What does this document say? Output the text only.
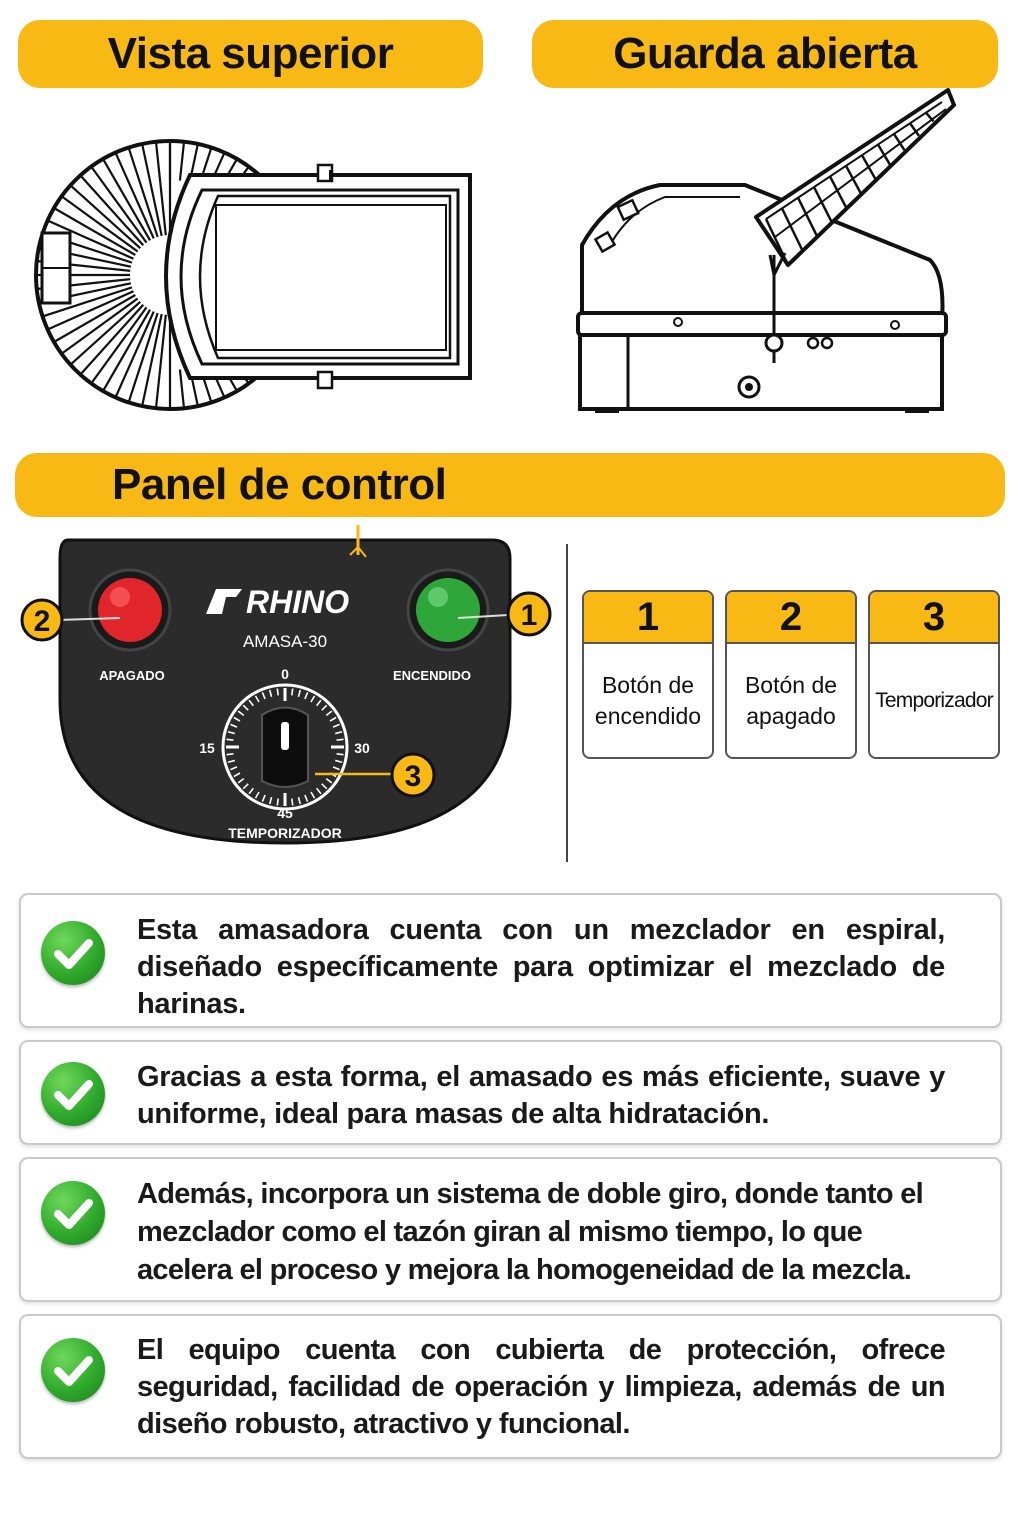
Vista superior	Guarda abierta
Panel de control
RHINO
AMASA-30
APAGADO	ENCENDIDO
0
15	30
45
TEMPORIZADOR
2	1
3
1
Botón de encendido
2
Botón de apagado
3
Temporizador
Esta amasadora cuenta con un mezclador en espiral, diseñado específicamente para optimizar el mezclado de harinas.
Gracias a esta forma, el amasado es más eficiente, suave y uniforme, ideal para masas de alta hidratación.
Además, incorpora un sistema de doble giro, donde tanto el mezclador como el tazón giran al mismo tiempo, lo que acelera el proceso y mejora la homogeneidad de la mezcla.
El equipo cuenta con cubierta de protección, ofrece seguridad, facilidad de operación y limpieza, además de un diseño robusto, atractivo y funcional.
